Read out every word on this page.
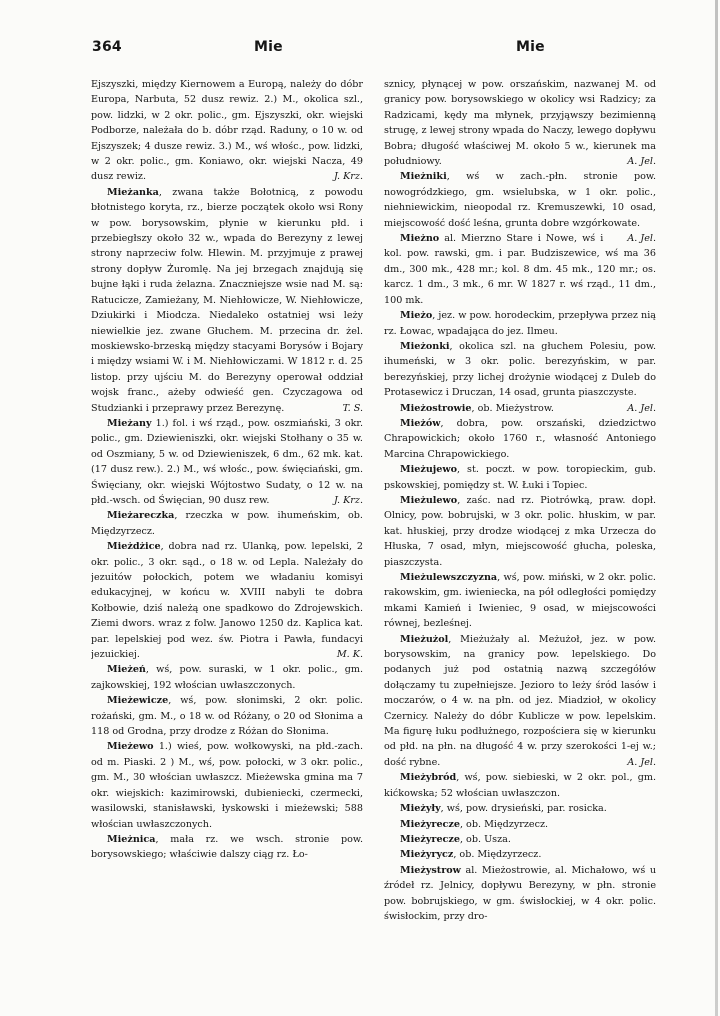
364	Mie	Mie
Ejszyszki, między Kiernowem a Europą, należy do dóbr Europa, Narbuta, 52 dusz rewiz. 2.) M., okolica szl., pow. lidzki, w 2 okr. polic., gm. Ejszyszki, okr. wiejski Podborze, należała do b. dóbr rząd. Raduny, o 10 w. od Ejszyszek; 4 dusze rewiz. 3.) M., wś włośc., pow. lidzki, w 2 okr. polic., gm. Koniawo, okr. wiejski Nacza, 49 dusz rewiz.	J. Krz.
Mieżanka, zwana także Bołotnicą, z powodu błotnistego koryta, rz., bierze początek około wsi Rony w pow. borysowskim, płynie w kierunku płd. i przebiegłszy około 32 w., wpada do Berezyny z lewej strony naprzeciw folw. Hlewin. M. przyjmuje z prawej strony dopływ Żuromlę. Na jej brzegach znajdują się bujne łąki i ruda żelazna. Znaczniejsze wsie nad M. są: Ratucicze, Zamieżany, M. Niehłowicze, W. Niehłowicze, Dziukirki i Miodcza. Niedaleko ostatniej wsi leży niewielkie jez. zwane Głuchem. M. przecina dr. żel. moskiewsko-brzeską między stacyami Borysów i Bojary i między wsiami W. i M. Niehłowiczami. W 1812 r. d. 25 listop. przy ujściu M. do Berezyny operował oddział wojsk franc., ażeby odwieść gen. Czyczagowa od Studzianki i przeprawy przez Berezynę.	T. S.
Mieżany 1.) fol. i wś rząd., pow. oszmiański, 3 okr. polic., gm. Dziewieniszki, okr. wiejski Stołhany o 35 w. od Oszmiany, 5 w. od Dziewieniszek, 6 dm., 62 mk. kat. (17 dusz rew.). 2.) M., wś włośc., pow. święciański, gm. Święciany, okr. wiejski Wójtostwo Sudaty, o 12 w. na płd.-wsch. od Święcian, 90 dusz rew.	J. Krz.
Mieżareczka, rzeczka w pow. ihumeńskim, ob. Międzyrzecz.
Mieżdżice, dobra nad rz. Ulanką, pow. lepelski, 2 okr. polic., 3 okr. sąd., o 18 w. od Lepla. Należały do jezuitów połockich, potem we władaniu komisyi edukacyjnej, w końcu w. XVIII nabyli te dobra Kołbowie, dziś należą one spadkowo do Zdrojewskich. Ziemi dwors. wraz z folw. Janowo 1250 dz. Kaplica kat. par. lepelskiej pod wez. św. Piotra i Pawła, fundacyi jezuickiej.	M. K.
Mieżeń, wś, pow. suraski, w 1 okr. polic., gm. zajkowskiej, 192 włościan uwłaszczonych.
Mieżewicze, wś, pow. słonimski, 2 okr. polic. rożański, gm. M., o 18 w. od Różany, o 20 od Słonima a 118 od Grodna, przy drodze z Różan do Słonima.
Mieżewo 1.) wieś, pow. wołkowyski, na płd.-zach. od m. Piaski. 2 ) M., wś, pow. połocki, w 3 okr. polic., gm. M., 30 włościan uwłaszcz. Mieżewska gmina ma 7 okr. wiejskich: kazimirowski, dubieniecki, czermecki, wasilowski, stanisławski, łyskowski i mieżewski; 588 włościan uwłaszczonych.
Mieżnica, mała rz. we wsch. stronie pow. borysowskiego; właściwie dalszy ciąg rz. Ło-
sznicy, płynącej w pow. orszańskim, nazwanej M. od granicy pow. borysowskiego w okolicy wsi Radzicy; za Radzicami, kędy ma młynek, przyjąwszy bezimienną strugę, z lewej strony wpada do Naczy, lewego dopływu Bobra; długość właściwej M. około 5 w., kierunek ma południowy.	A. Jel.
Mieżniki, wś w zach.-płn. stronie pow. nowogródzkiego, gm. wsielubska, w 1 okr. polic., niehniewickim, nieopodal rz. Kremuszewki, 10 osad, miejscowość dość leśna, grunta dobre wzgórkowate.
A. Jel.
Mieżno al. Mierzno Stare i Nowe, wś i kol. pow. rawski, gm. i par. Budziszewice, wś ma 36 dm., 300 mk., 428 mr.; kol. 8 dm. 45 mk., 120 mr.; os. karcz. 1 dm., 3 mk., 6 mr. W 1827 r. wś rząd., 11 dm., 100 mk.
Mieżo, jez. w pow. horodeckim, przepływa przez nią rz. Łowac, wpadająca do jez. Ilmeu.
Mieżonki, okolica szl. na głuchem Polesiu, pow. ihumeński, w 3 okr. polic. berezyńskim, w par. berezyńskiej, przy lichej drożynie wiodącej z Duleb do Protasewicz i Druczan, 14 osad, grunta piaszczyste.
A. Jel.
Mieżostrowie, ob. Mieżystrow.
Mieżów, dobra, pow. orszański, dziedzictwo Chrapowickich; około 1760 r., własność Antoniego Marcina Chrapowickiego.
Mieżujewo, st. poczt. w pow. toropieckim, gub. pskowskiej, pomiędzy st. W. Łuki i Topiec.
Mieżulewo, zaśc. nad rz. Piotrówką, praw. dopł. Olnicy, pow. bobrujski, w 3 okr. polic. hłuskim, w par. kat. hłuskiej, przy drodze wiodącej z mka Urzecza do Hłuska, 7 osad, młyn, miejscowość głucha, poleska, piaszczysta.
Mieżulewszczyzna, wś, pow. miński, w 2 okr. polic. rakowskim, gm. iwieniecka, na pół odległości pomiędzy mkami Kamień i Iwieniec, 9 osad, w miejscowości równej, bezleśnej.
Mieżużol, Mieżużały al. Meżużoł, jez. w pow. borysowskim, na granicy pow. lepelskiego. Do podanych już pod ostatnią nazwą szczegółów dołączamy tu zupełniejsze. Jezioro to leży śród lasów i moczarów, o 4 w. na płn. od jez. Miadzioł, w okolicy Czernicy. Należy do dóbr Kublicze w pow. lepelskim. Ma figurę łuku podłużnego, rozpościera się w kierunku od płd. na płn. na długość 4 w. przy szerokości 1-ej w.; dość rybne.	A. Jel.
Mieżybród, wś, pow. siebieski, w 2 okr. pol., gm. kićkowska; 52 włościan uwłaszczon.
Mieżyły, wś, pow. drysieński, par. rosicka.
Mieżyrecze, ob. Międzyrzecz.
Mieżyrecze, ob. Uszа.
Mieżyrycz, ob. Międzyrzecz.
Mieżystrow al. Mieżostrowie, al. Michałowo, wś u źródeł rz. Jelnicy, dopływu Berezyny, w płn. stronie pow. bobrujskiego, w gm. świsłockiej, w 4 okr. polic. świsłockim, przy dro-
